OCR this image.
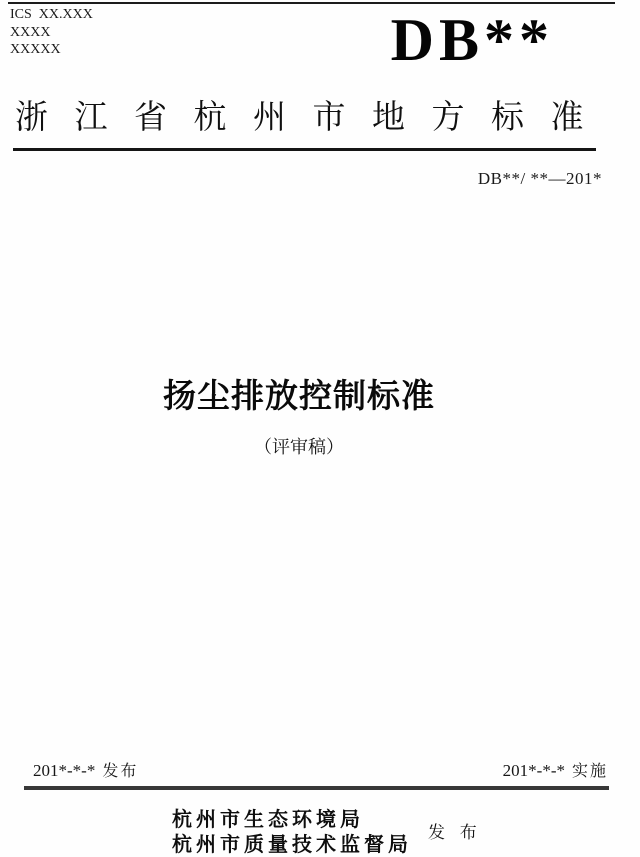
ICS  XX.XXX
XXXX
XXXXX	DB**
浙江省杭州市地方标准
DB**/ **—201*
扬尘排放控制标准
（评审稿）
201*-*-* 发布	201*-*-* 实施
杭州市生态环境局
杭州市质量技术监督局
发 布
